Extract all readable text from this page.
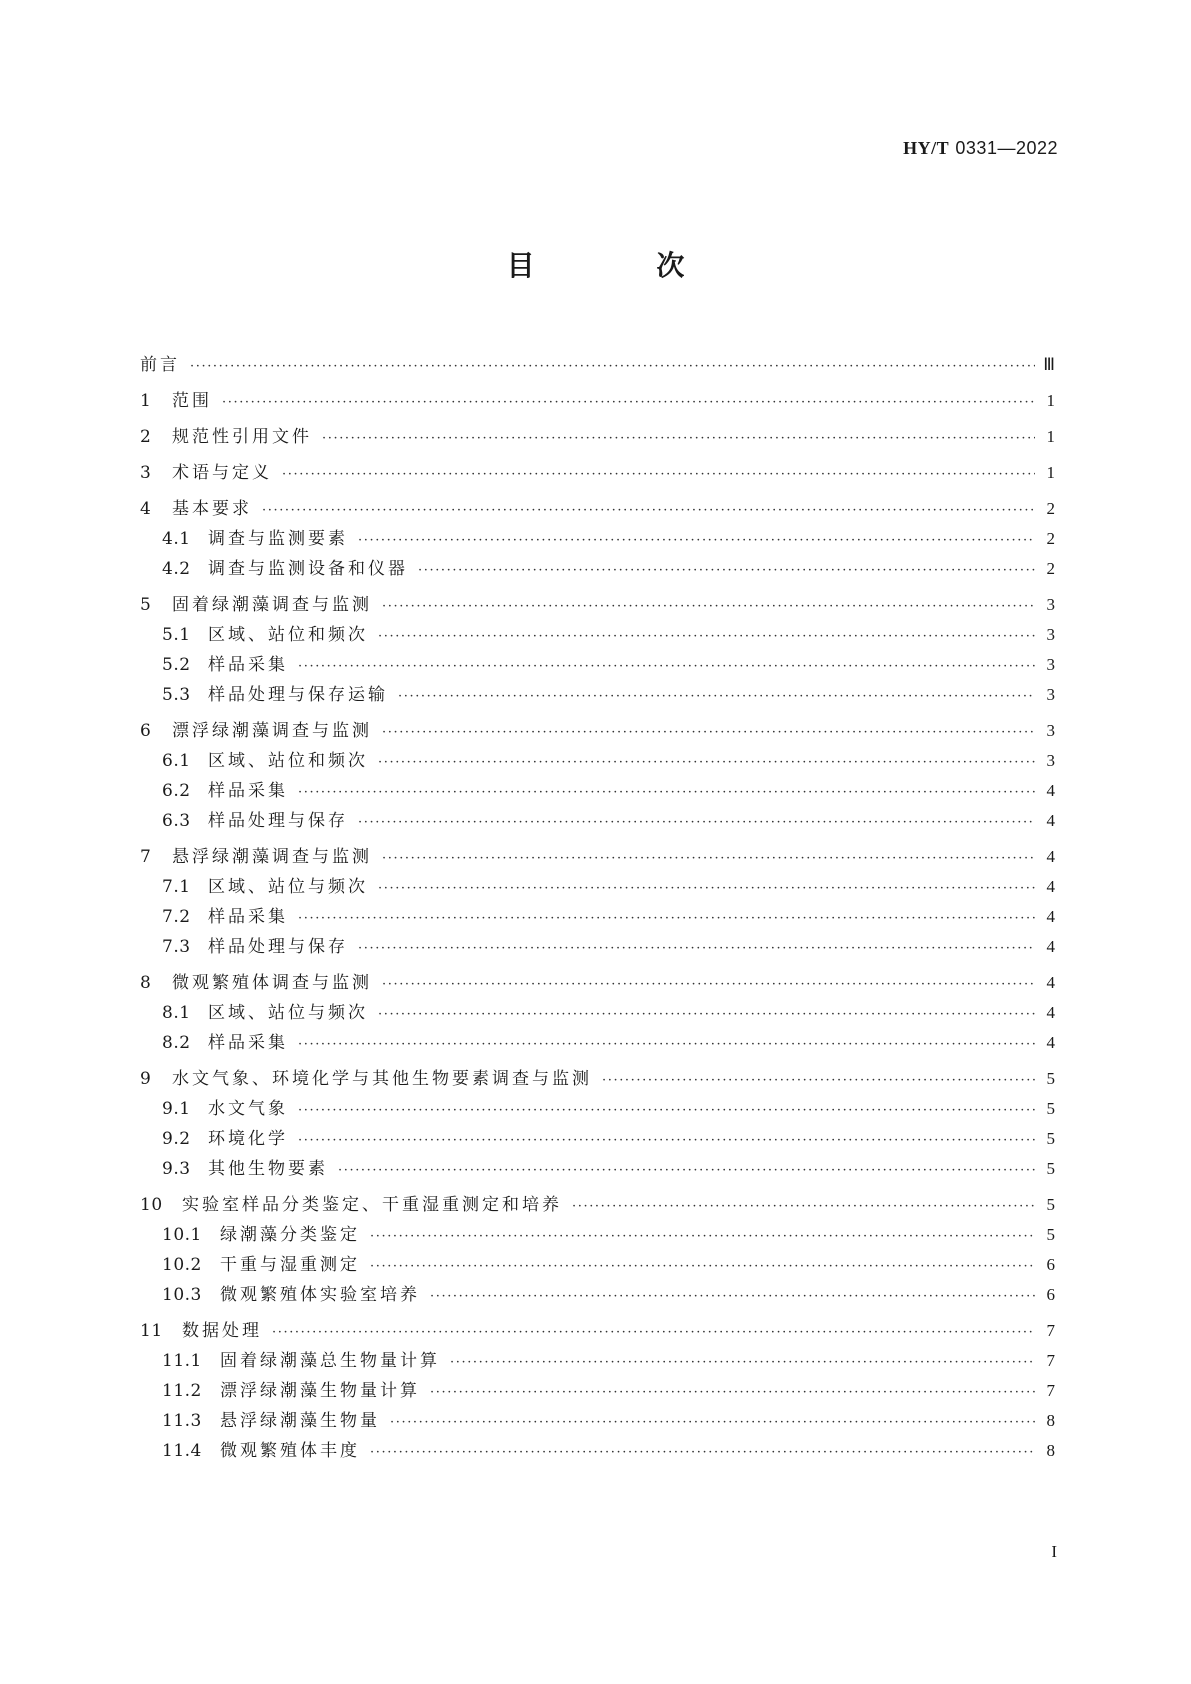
HY/T 0331—2022
目 次
前言 ·····	Ⅲ
1	范围 ·····	1
2	规范性引用文件 ·····	1
3	术语与定义 ·····	1
4	基本要求 ·····	2
4.1	调查与监测要素 ·····	2
4.2	调查与监测设备和仪器 ·····	2
5	固着绿潮藻调查与监测 ·····	3
5.1	区域、站位和频次 ·····	3
5.2	样品采集 ·····	3
5.3	样品处理与保存运输 ·····	3
6	漂浮绿潮藻调查与监测 ·····	3
6.1	区域、站位和频次 ·····	3
6.2	样品采集 ·····	4
6.3	样品处理与保存 ·····	4
7	悬浮绿潮藻调查与监测 ·····	4
7.1	区域、站位与频次 ·····	4
7.2	样品采集 ·····	4
7.3	样品处理与保存 ·····	4
8	微观繁殖体调查与监测 ·····	4
8.1	区域、站位与频次 ·····	4
8.2	样品采集 ·····	4
9	水文气象、环境化学与其他生物要素调查与监测 ·····	5
9.1	水文气象 ·····	5
9.2	环境化学 ·····	5
9.3	其他生物要素 ·····	5
10	实验室样品分类鉴定、干重湿重测定和培养 ·····	5
10.1	绿潮藻分类鉴定 ·····	5
10.2	干重与湿重测定 ·····	6
10.3	微观繁殖体实验室培养 ·····	6
11	数据处理 ·····	7
11.1	固着绿潮藻总生物量计算 ·····	7
11.2	漂浮绿潮藻生物量计算 ·····	7
11.3	悬浮绿潮藻生物量 ·····	8
11.4	微观繁殖体丰度 ·····	8
I
